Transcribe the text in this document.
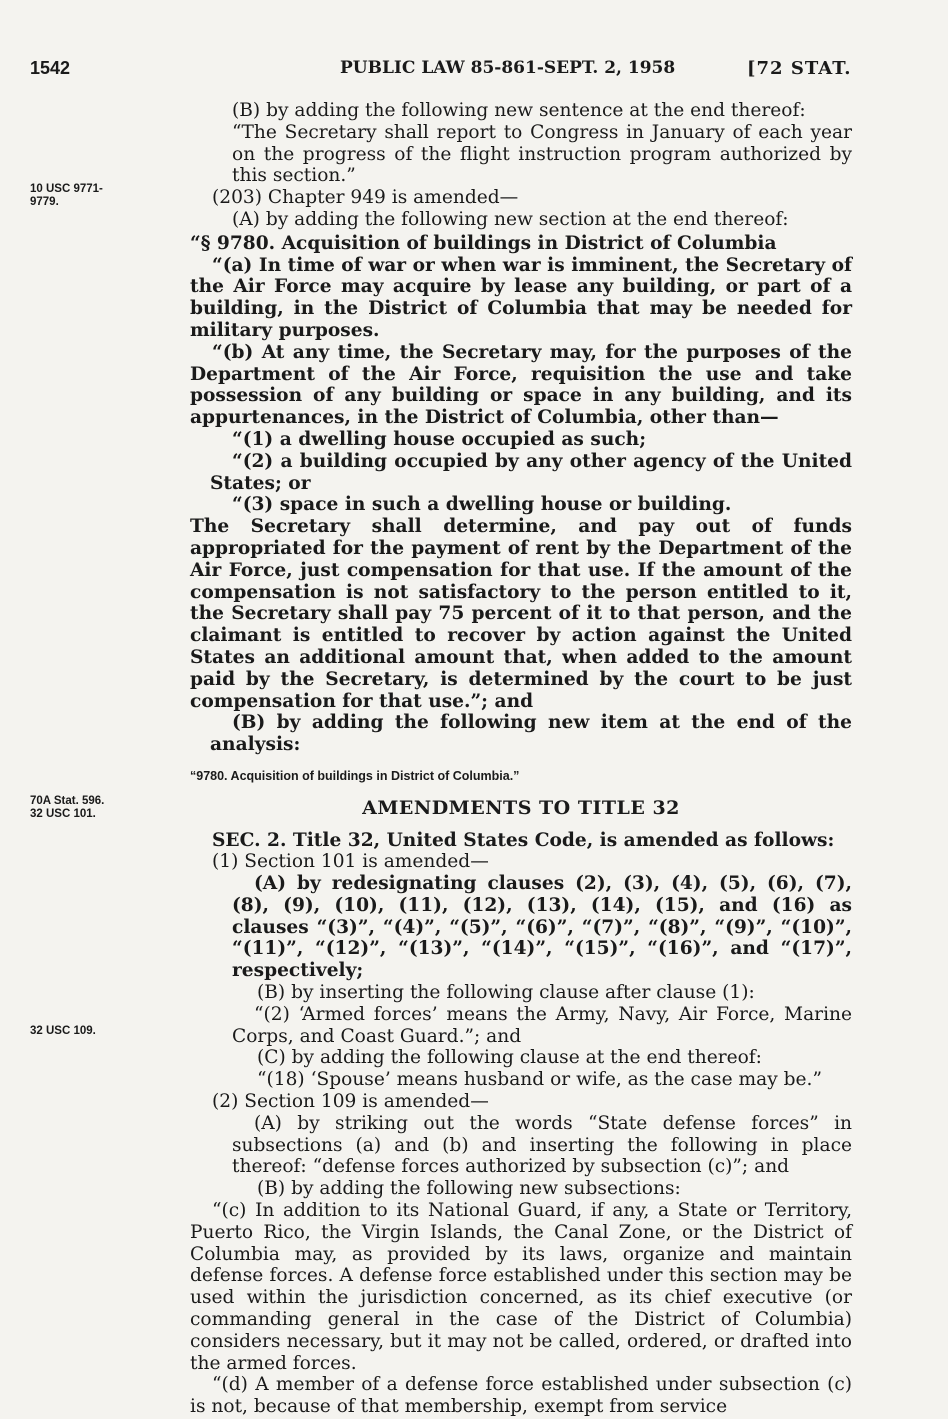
1542	PUBLIC LAW 85-861-SEPT. 2, 1958	[72 STAT.
10 USC 9771-
9779.
70A Stat. 596.
32 USC 101.
32 USC 109.

(B) by adding the following new sentence at the end thereof:

“The Secretary shall report to Congress in January of each year on the progress of the flight instruction program authorized by this section.”

(203) Chapter 949 is amended—

(A) by adding the following new section at the end thereof:

“§ 9780. Acquisition of buildings in District of Columbia

“(a) In time of war or when war is imminent, the Secretary of the Air Force may acquire by lease any building, or part of a building, in the District of Columbia that may be needed for military purposes.

“(b) At any time, the Secretary may, for the purposes of the Department of the Air Force, requisition the use and take possession of any building or space in any building, and its appurtenances, in the District of Columbia, other than—

“(1) a dwelling house occupied as such;

“(2) a building occupied by any other agency of the United States; or

“(3) space in such a dwelling house or building.

The Secretary shall determine, and pay out of funds appropriated for the payment of rent by the Department of the Air Force, just compensation for that use. If the amount of the compensation is not satisfactory to the person entitled to it, the Secretary shall pay 75 percent of it to that person, and the claimant is entitled to recover by action against the United States an additional amount that, when added to the amount paid by the Secretary, is determined by the court to be just compensation for that use.”; and

(B) by adding the following new item at the end of the analysis:

“9780. Acquisition of buildings in District of Columbia.”

AMENDMENTS TO TITLE 32

SEC. 2. Title 32, United States Code, is amended as follows:

(1) Section 101 is amended—

(A) by redesignating clauses (2), (3), (4), (5), (6), (7), (8), (9), (10), (11), (12), (13), (14), (15), and (16) as clauses “(3)”, “(4)”, “(5)”, “(6)”, “(7)”, “(8)”, “(9)”, “(10)”, “(11)”, “(12)”, “(13)”, “(14)”, “(15)”, “(16)”, and “(17)”, respectively;

(B) by inserting the following clause after clause (1):

“(2) ‘Armed forces’ means the Army, Navy, Air Force, Marine Corps, and Coast Guard.”; and

(C) by adding the following clause at the end thereof:

“(18) ‘Spouse’ means husband or wife, as the case may be.”

(2) Section 109 is amended—

(A) by striking out the words “State defense forces” in subsections (a) and (b) and inserting the following in place thereof: “defense forces authorized by subsection (c)”; and

(B) by adding the following new subsections:

“(c) In addition to its National Guard, if any, a State or Territory, Puerto Rico, the Virgin Islands, the Canal Zone, or the District of Columbia may, as provided by its laws, organize and maintain defense forces. A defense force established under this section may be used within the jurisdiction concerned, as its chief executive (or commanding general in the case of the District of Columbia) considers necessary, but it may not be called, ordered, or drafted into the armed forces.

“(d) A member of a defense force established under subsection (c) is not, because of that membership, exempt from service
